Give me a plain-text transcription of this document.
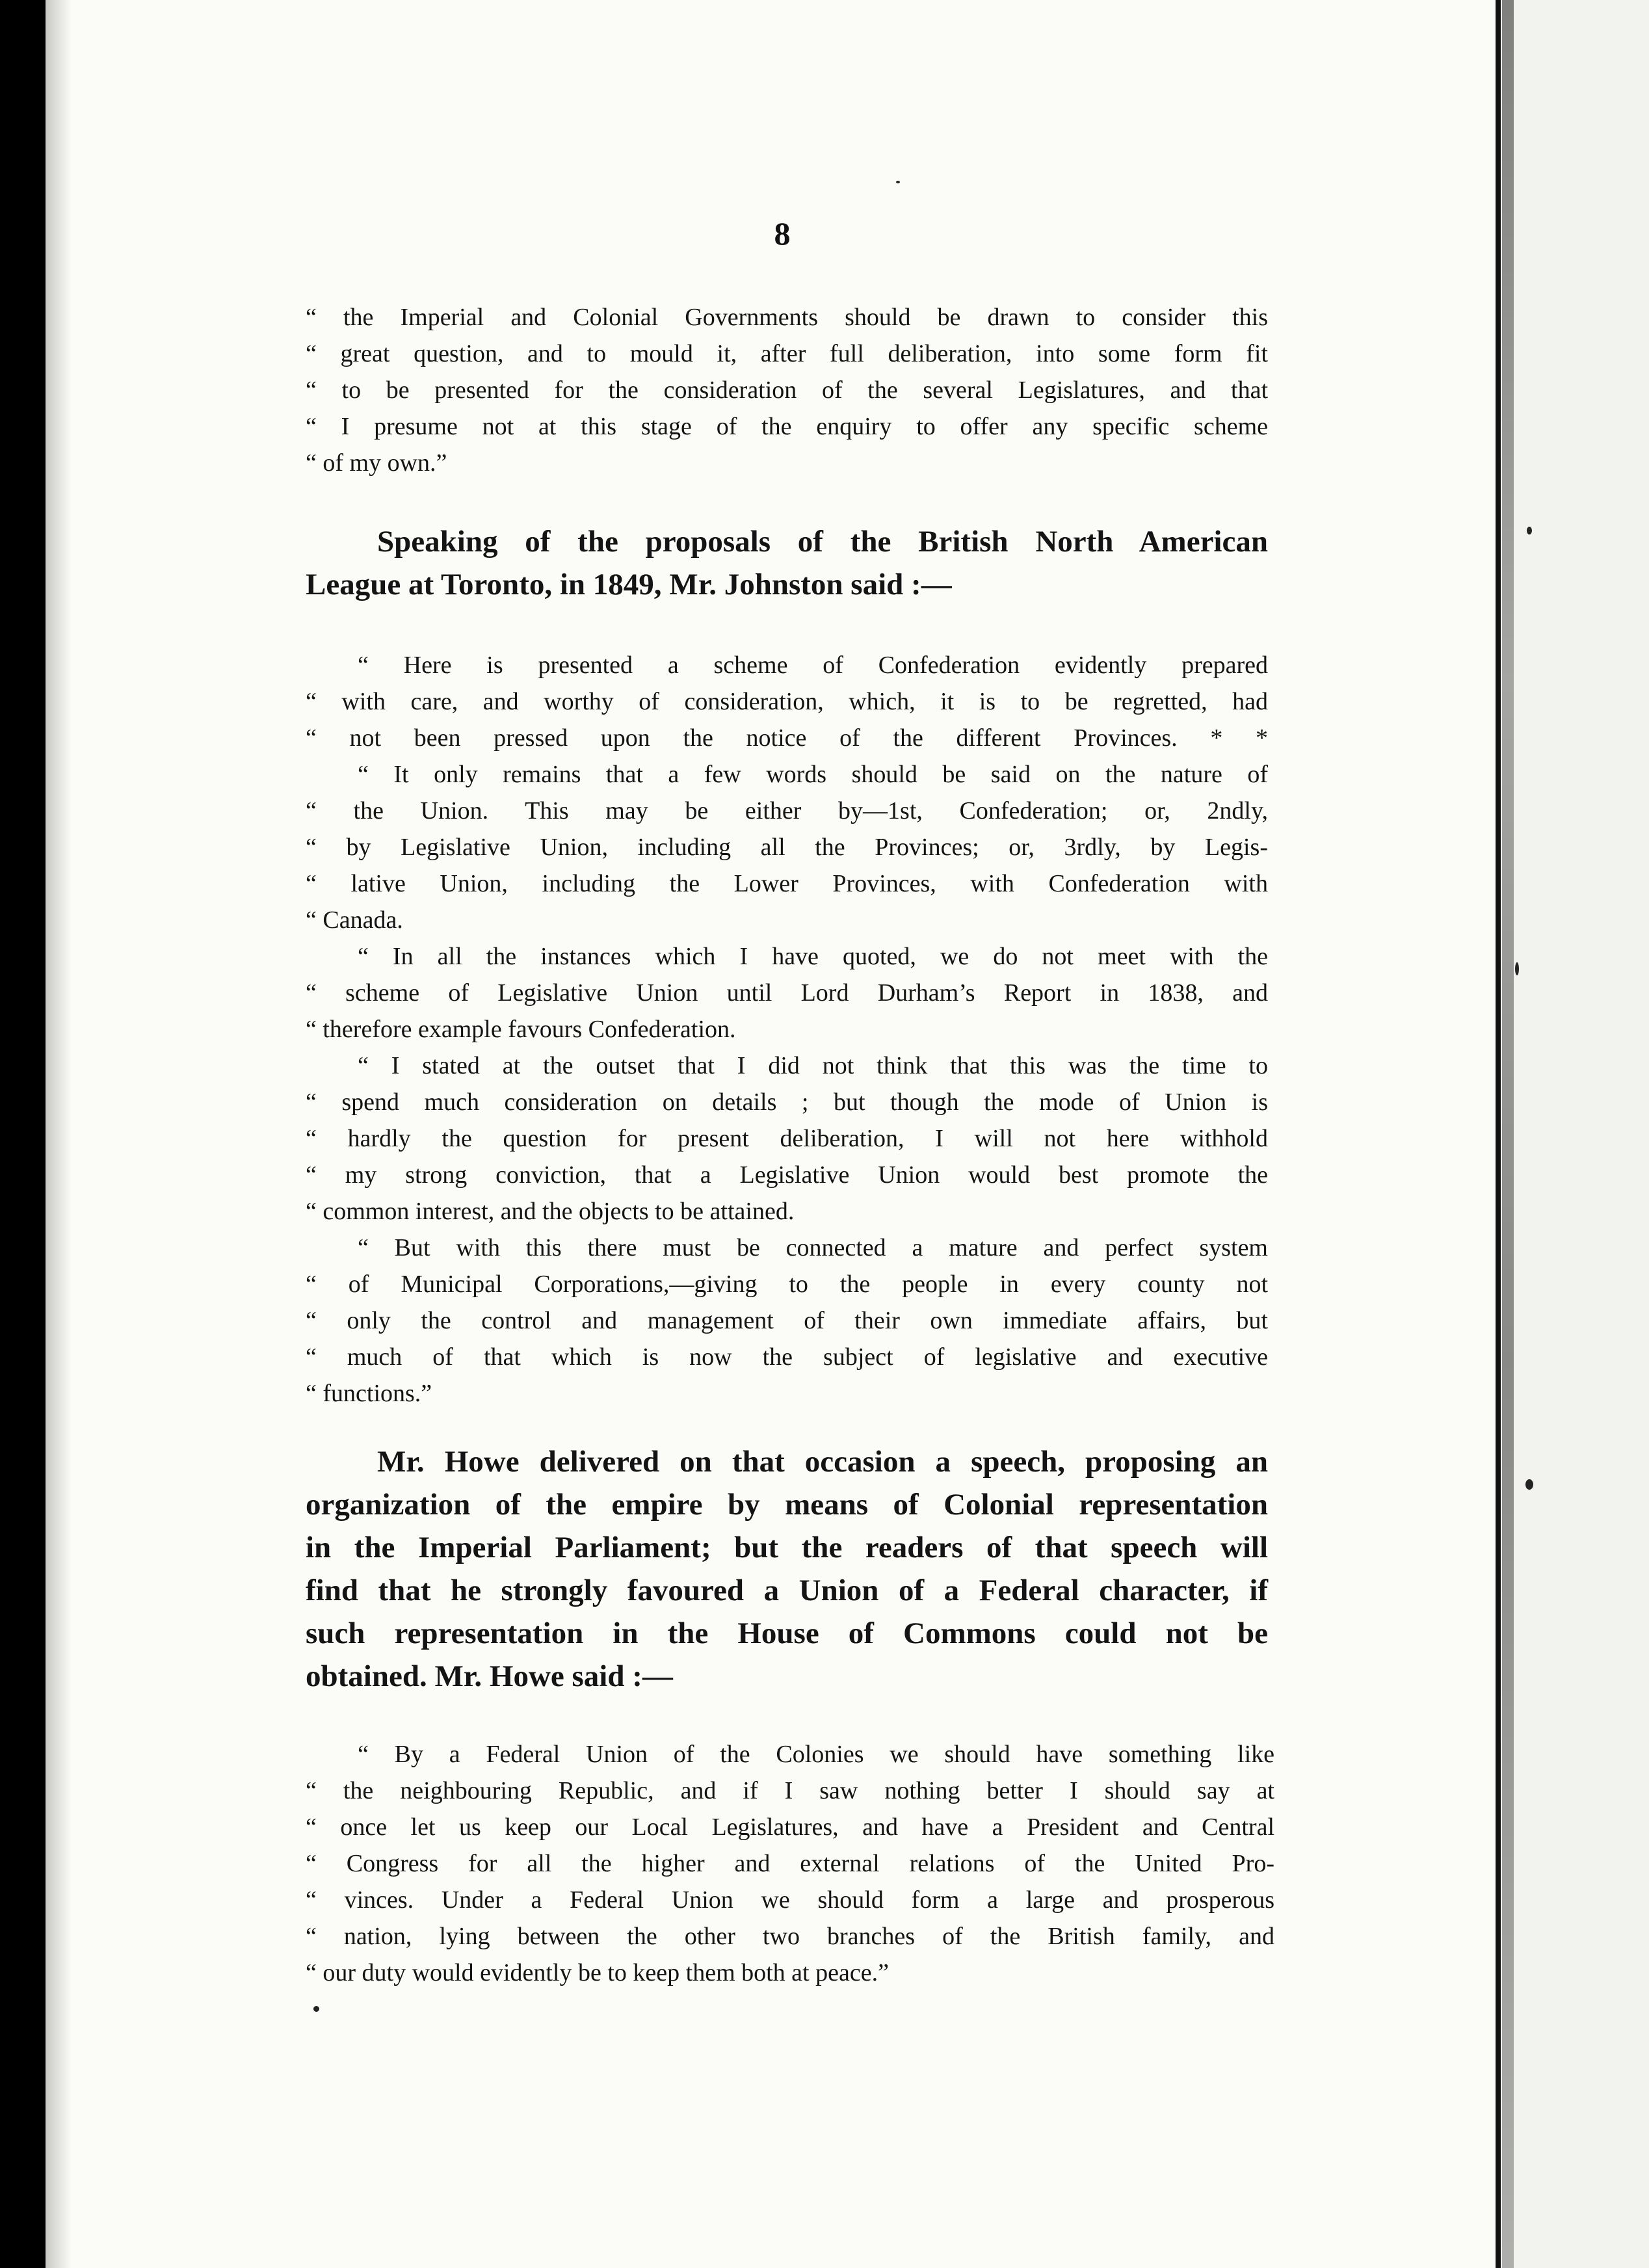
8
“ the Imperial and Colonial Governments should be drawn to consider this
“ great question, and to mould it, after full deliberation, into some form fit
“ to be presented for the consideration of the several Legislatures, and that
“ I presume not at this stage of the enquiry to offer any specific scheme
“ of my own.”
Speaking of the proposals of the British North American
League at Toronto, in 1849, Mr. Johnston said :—
“ Here is presented a scheme of Confederation evidently prepared
“ with care, and worthy of consideration, which, it is to be regretted, had
“ not been pressed upon the notice of the different Provinces. * *
“ It only remains that a few words should be said on the nature of
“ the Union. This may be either by—1st, Confederation; or, 2ndly,
“ by Legislative Union, including all the Provinces; or, 3rdly, by Legis-
“ lative Union, including the Lower Provinces, with Confederation with
“ Canada.
“ In all the instances which I have quoted, we do not meet with the
“ scheme of Legislative Union until Lord Durham’s Report in 1838, and
“ therefore example favours Confederation.
“ I stated at the outset that I did not think that this was the time to
“ spend much consideration on details ; but though the mode of Union is
“ hardly the question for present deliberation, I will not here withhold
“ my strong conviction, that a Legislative Union would best promote the
“ common interest, and the objects to be attained.
“ But with this there must be connected a mature and perfect system
“ of Municipal Corporations,—giving to the people in every county not
“ only the control and management of their own immediate affairs, but
“ much of that which is now the subject of legislative and executive
“ functions.”
Mr. Howe delivered on that occasion a speech, proposing an
organization of the empire by means of Colonial representation
in the Imperial Parliament; but the readers of that speech will
find that he strongly favoured a Union of a Federal character, if
such representation in the House of Commons could not be
obtained. Mr. Howe said :—
“ By a Federal Union of the Colonies we should have something like
“ the neighbouring Republic, and if I saw nothing better I should say at
“ once let us keep our Local Legislatures, and have a President and Central
“ Congress for all the higher and external relations of the United Pro-
“ vinces. Under a Federal Union we should form a large and prosperous
“ nation, lying between the other two branches of the British family, and
“ our duty would evidently be to keep them both at peace.”
